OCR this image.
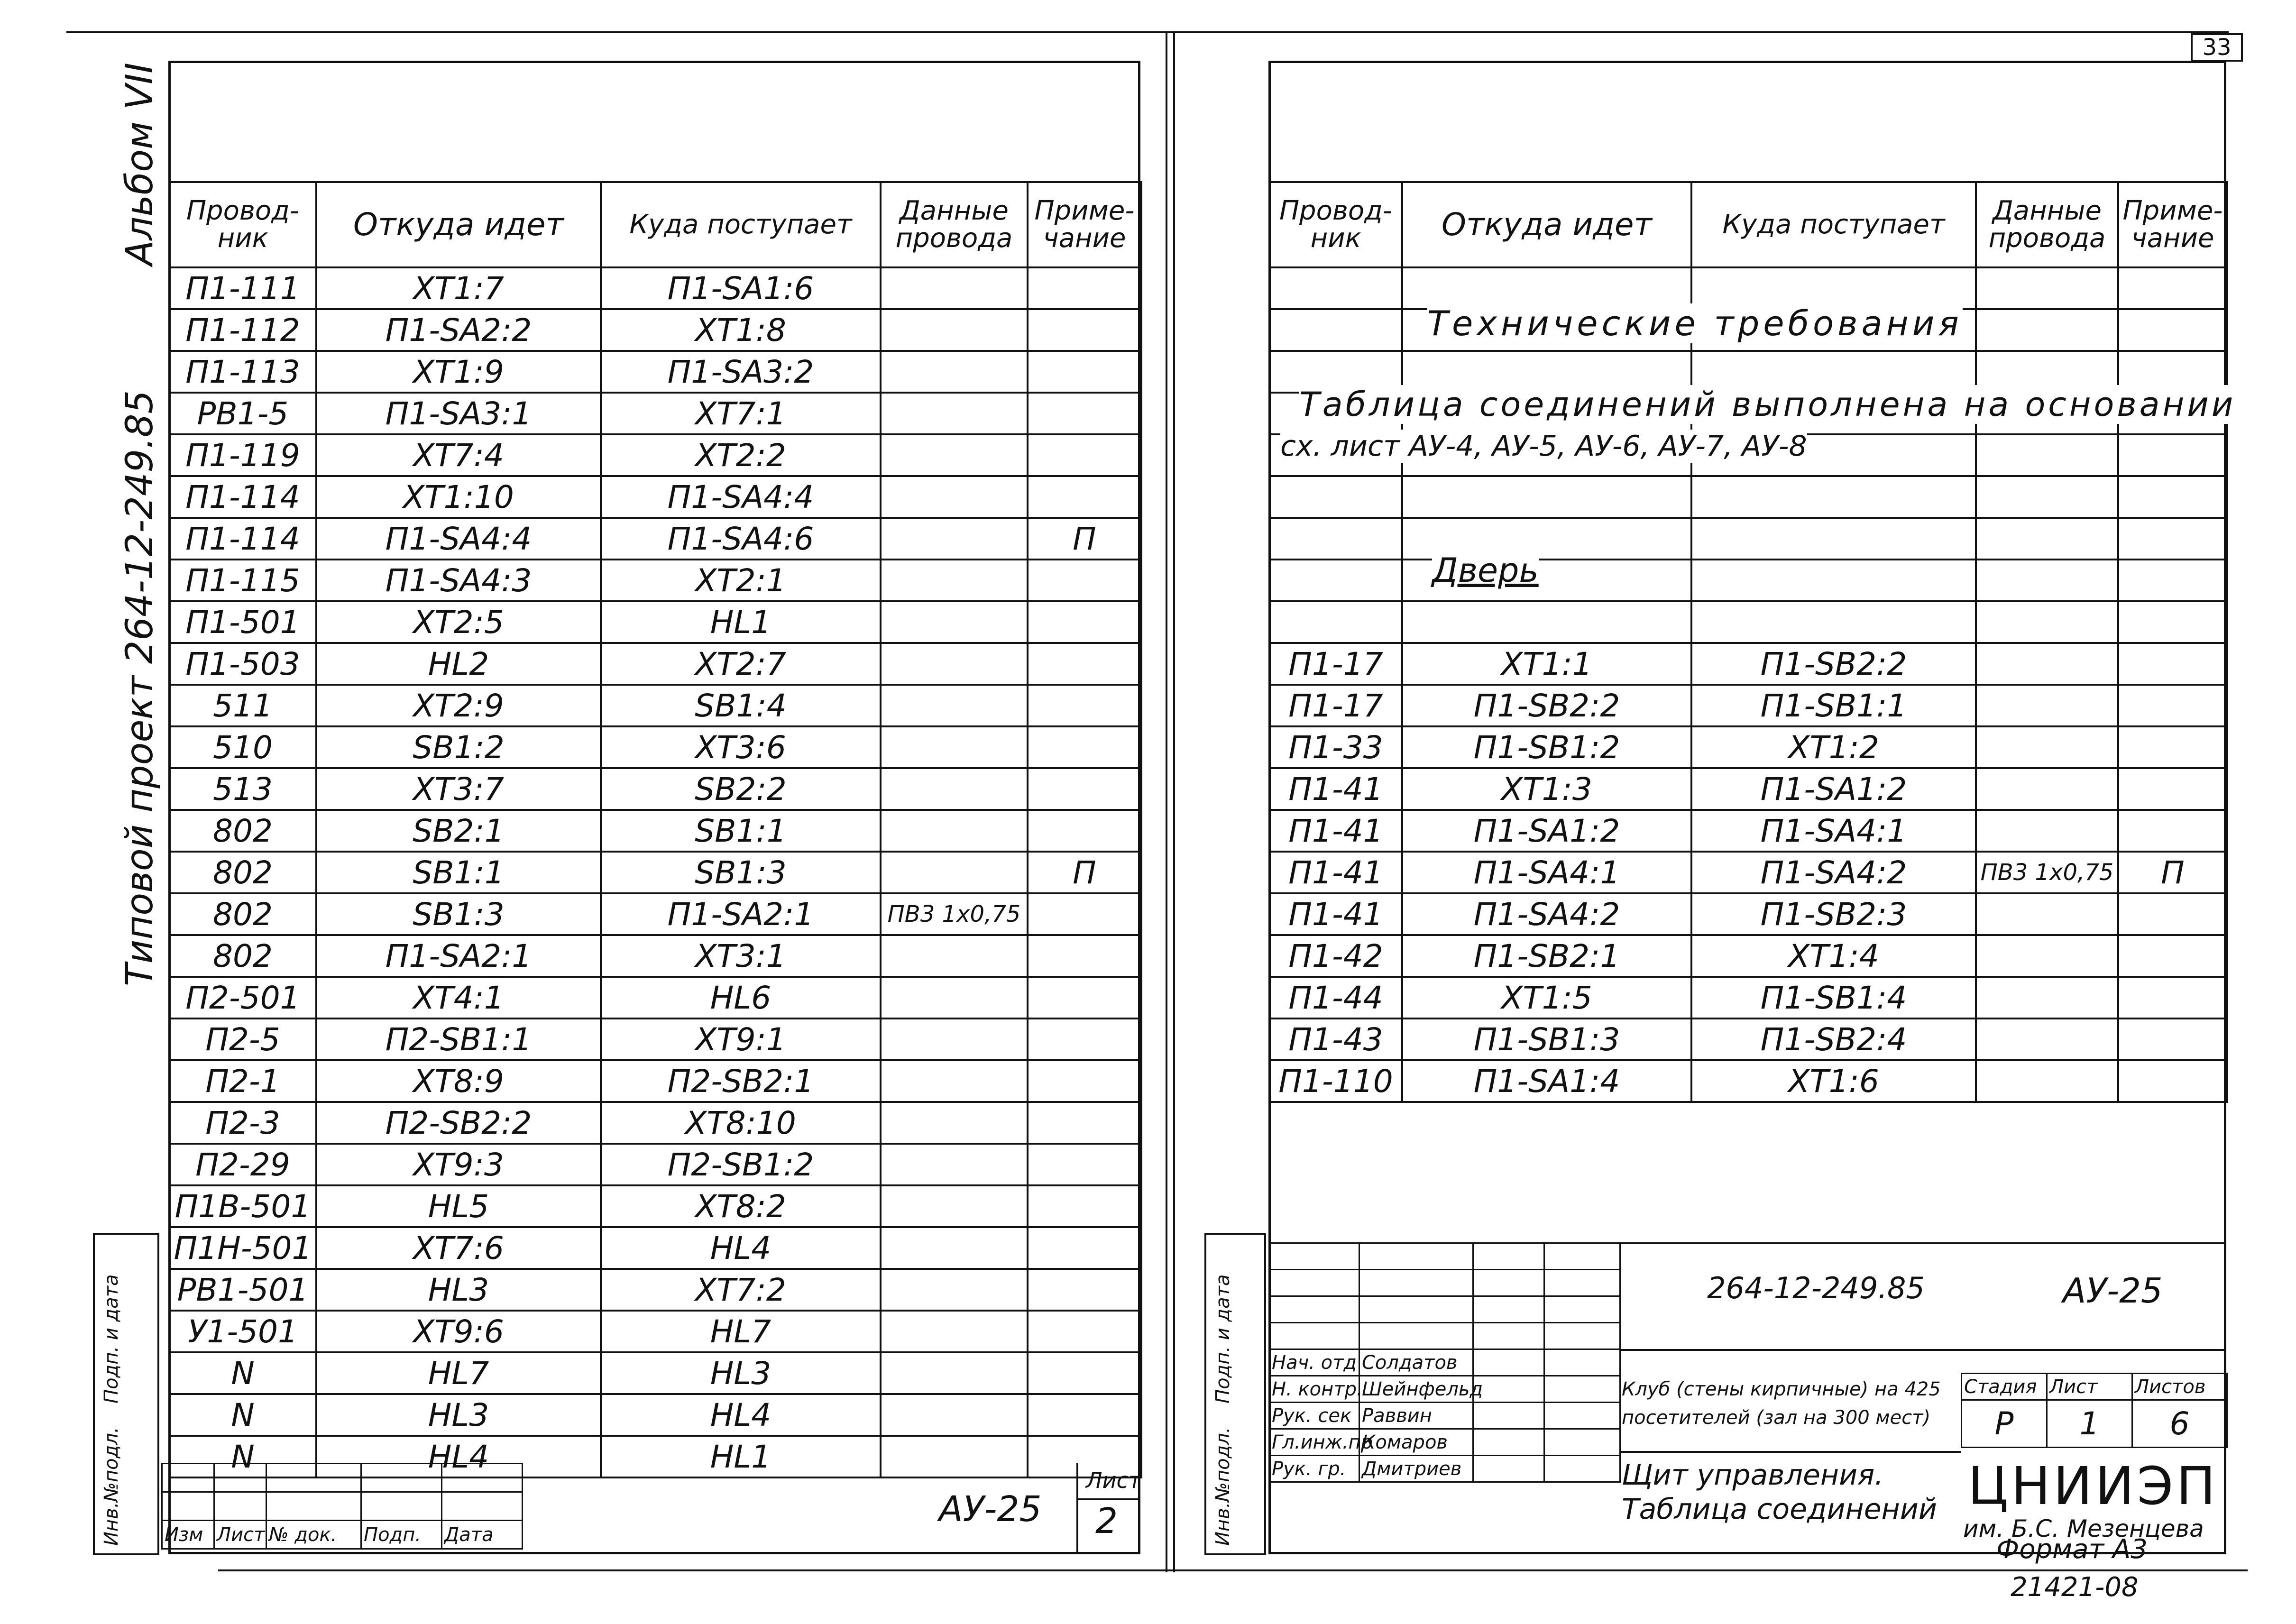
33
Альбом VII
Типовой проект 264-12-249.85
Провод-ник	Откуда идет	Куда поступает	Данные провода	Приме-чание
П1-111	ХТ1:7	П1-SA1:6		
П1-112	П1-SA2:2	ХТ1:8		
П1-113	ХТ1:9	П1-SA3:2		
РВ1-5	П1-SA3:1	ХТ7:1		
П1-119	ХТ7:4	ХТ2:2		
П1-114	ХТ1:10	П1-SA4:4		
П1-114	П1-SA4:4	П1-SA4:6		П
П1-115	П1-SA4:3	ХТ2:1		
П1-501	ХТ2:5	HL1		
П1-503	HL2	ХТ2:7		
511	ХТ2:9	SB1:4		
510	SB1:2	ХТ3:6		
513	ХТ3:7	SB2:2		
802	SB2:1	SB1:1		
802	SB1:1	SB1:3		П
802	SB1:3	П1-SA2:1	ПВ3 1х0,75	
802	П1-SA2:1	ХТ3:1		
П2-501	ХТ4:1	HL6		
П2-5	П2-SB1:1	ХТ9:1		
П2-1	ХТ8:9	П2-SB2:1		
П2-3	П2-SB2:2	ХТ8:10		
П2-29	ХТ9:3	П2-SB1:2		
П1В-501	HL5	ХТ8:2		
П1Н-501	ХТ7:6	HL4		
РВ1-501	HL3	ХТ7:2		
У1-501	ХТ9:6	HL7		
N	HL7	HL3		
N	HL3	HL4		
N	HL4	HL1		
Подп. и дата
Инв.№подл.

				Изм	Лист	№ док.	Подп.	Дата
АУ-25
Лист
2
Провод-ник	Откуда идет	Куда поступает	Данные провода	Приме-чание

П1-17	ХТ1:1	П1-SB2:2		
П1-17	П1-SB2:2	П1-SB1:1		
П1-33	П1-SB1:2	ХТ1:2		
П1-41	ХТ1:3	П1-SA1:2		
П1-41	П1-SA1:2	П1-SA4:1		
П1-41	П1-SA4:1	П1-SA4:2	ПВ3 1х0,75	П
П1-41	П1-SA4:2	П1-SB2:3		
П1-42	П1-SB2:1	ХТ1:4		
П1-44	ХТ1:5	П1-SB1:4		
П1-43	П1-SB1:3	П1-SB2:4		
П1-110	П1-SA1:4	ХТ1:6		
Технические требования
Таблица соединений выполнена на основании
сх. лист АУ-4, АУ-5, АУ-6, АУ-7, АУ-8
Дверь
Подп. и дата
Инв.№подл.

Нач. отд	Солдатов		
Н. контр.	Шейнфельд		
Рук. сек	Раввин		
Гл.инж.пр	Комаров		
Рук. гр.	Дмитриев		
264-12-249.85	АУ-25
Клуб (стены кирпичные) на 425 посетителей (зал на 300 мест)
Щит управления. Таблица соединений
Стадия	Лист	Листов
Р	1	6
ЦНИИЭП
им. Б.С. Мезенцева
Формат А3
21421-08
